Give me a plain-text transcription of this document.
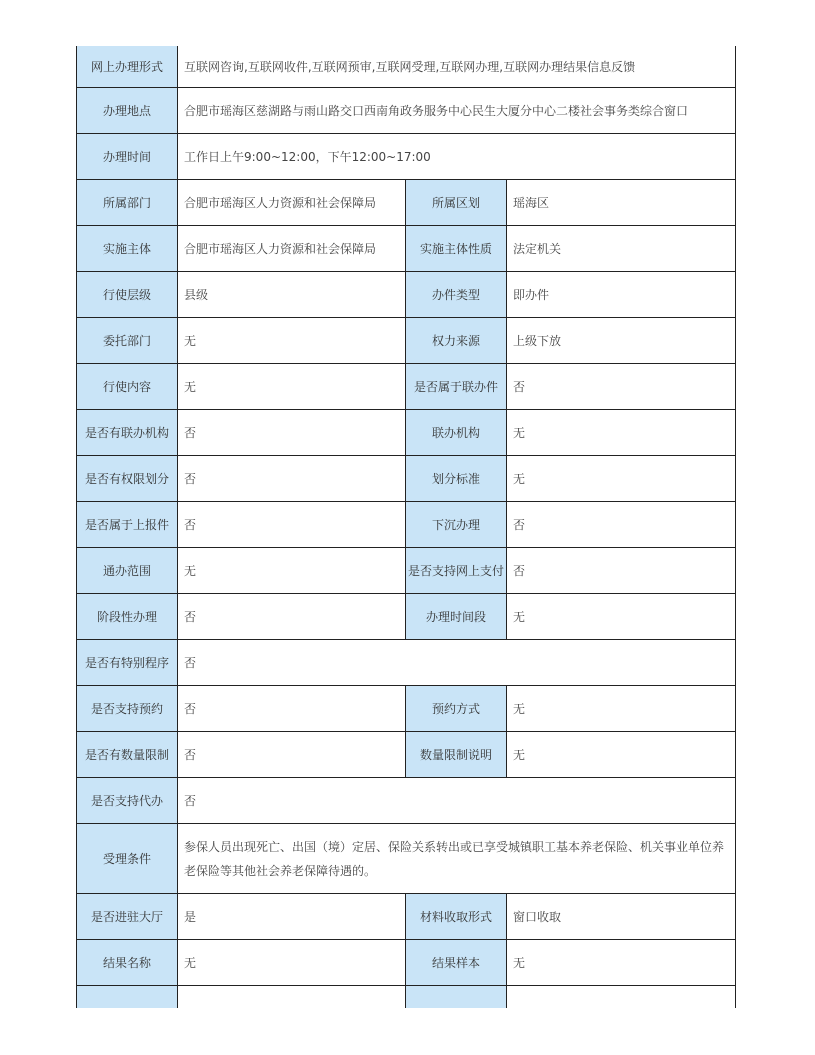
网上办理形式	互联网咨询,互联网收件,互联网预审,互联网受理,互联网办理,互联网办理结果信息反馈		
办理地点	合肥市瑶海区慈湖路与雨山路交口西南角政务服务中心民生大厦分中心二楼社会事务类综合窗口		
办理时间	工作日上午9:00~12:00，下午12:00~17:00		
所属部门	合肥市瑶海区人力资源和社会保障局	所属区划	瑶海区
实施主体	合肥市瑶海区人力资源和社会保障局	实施主体性质	法定机关
行使层级	县级	办件类型	即办件
委托部门	无	权力来源	上级下放
行使内容	无	是否属于联办件	否
是否有联办机构	否	联办机构	无
是否有权限划分	否	划分标准	无
是否属于上报件	否	下沉办理	否
通办范围	无	是否支持网上支付	否
阶段性办理	否	办理时间段	无
是否有特别程序	否		
是否支持预约	否	预约方式	无
是否有数量限制	否	数量限制说明	无
是否支持代办	否		
受理条件	参保人员出现死亡、出国（境）定居、保险关系转出或已享受城镇职工基本养老保险、机关事业单位养老保险等其他社会养老保障待遇的。		
是否进驻大厅	是	材料收取形式	窗口收取
结果名称	无	结果样本	无
